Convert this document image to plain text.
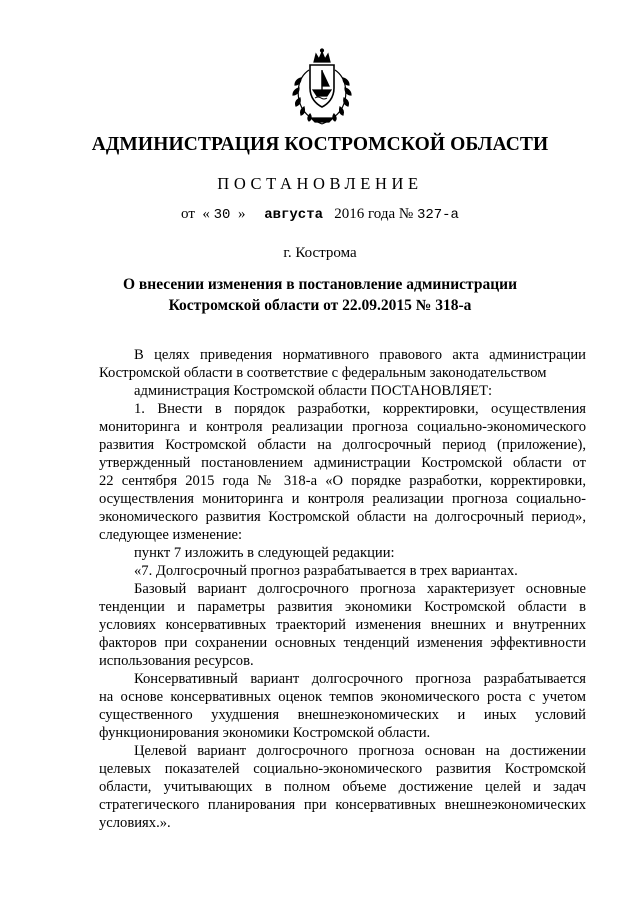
АДМИНИСТРАЦИЯ КОСТРОМСКОЙ ОБЛАСТИ
ПОСТАНОВЛЕНИЕ
от « 30 » августа 2016 года № 327-а
г. Кострома
О внесении изменения в постановление администрации
Костромской области от 22.09.2015 № 318-а

В целях приведения нормативного правового акта администрации

Костромской области в соответствие с федеральным законодательством

администрация Костромской области ПОСТАНОВЛЯЕТ:

1. Внести в порядок разработки, корректировки, осуществления

мониторинга и контроля реализации прогноза социально-экономического

развития Костромской области на долгосрочный период (приложение),

утвержденный постановлением администрации Костромской области от

22 сентября 2015 года № 318-а «О порядке разработки, корректировки,

осуществления мониторинга и контроля реализации прогноза социально-

экономического развития Костромской области на долгосрочный период»,

следующее изменение:

пункт 7 изложить в следующей редакции:

«7. Долгосрочный прогноз разрабатывается в трех вариантах.

Базовый вариант долгосрочного прогноза характеризует основные

тенденции и параметры развития экономики Костромской области в

условиях консервативных траекторий изменения внешних и внутренних

факторов при сохранении основных тенденций изменения эффективности

использования ресурсов.

Консервативный вариант долгосрочного прогноза разрабатывается

на основе консервативных оценок темпов экономического роста с учетом

существенного ухудшения внешнеэкономических и иных условий

функционирования экономики Костромской области.

Целевой вариант долгосрочного прогноза основан на достижении

целевых показателей социально-экономического развития Костромской

области, учитывающих в полном объеме достижение целей и задач

стратегического планирования при консервативных внешнеэкономических

условиях.».
